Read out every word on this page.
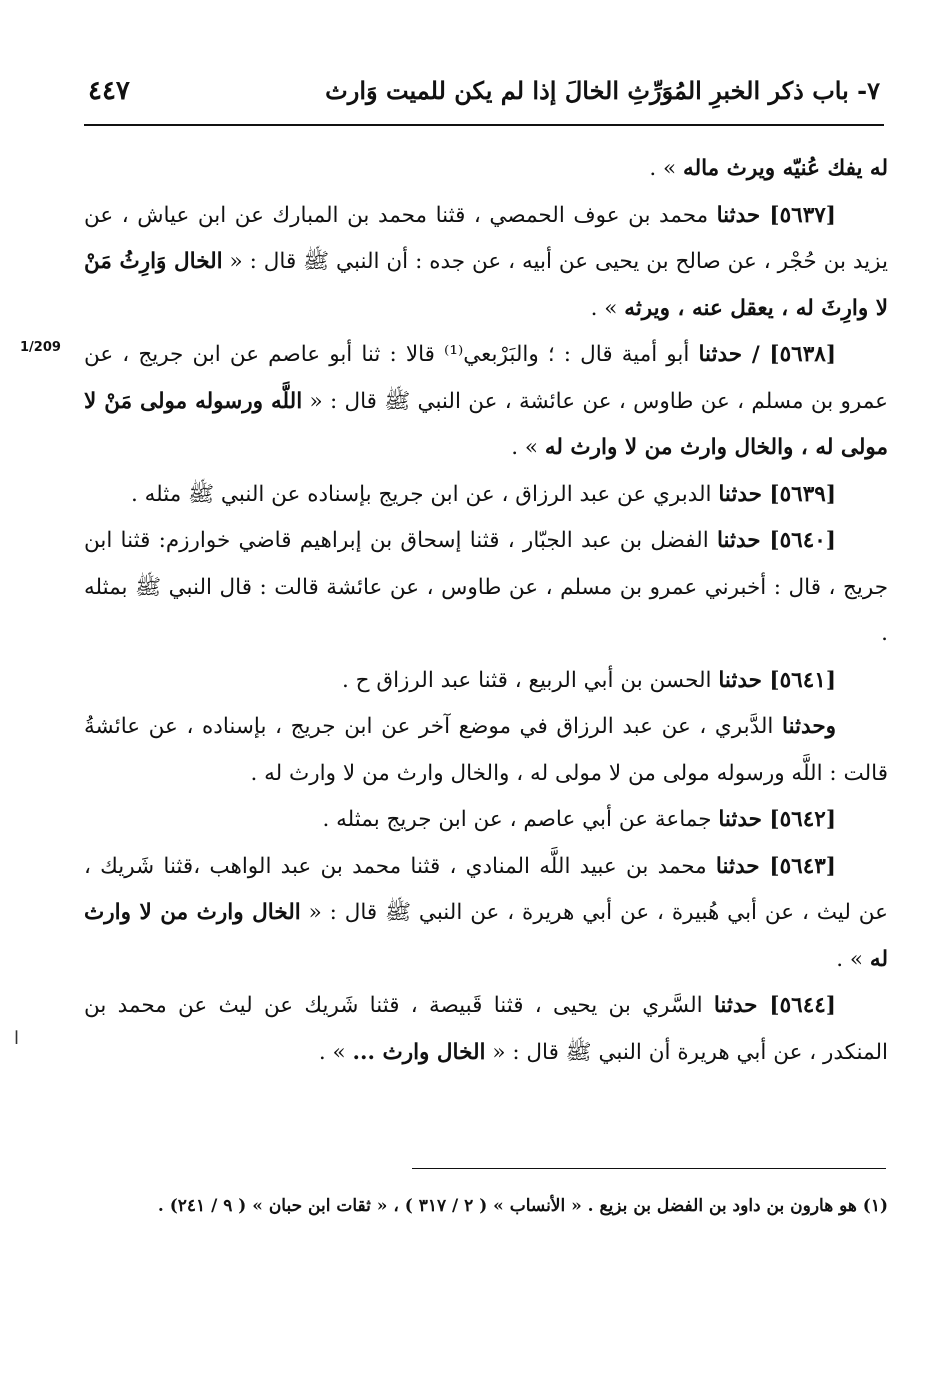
٤٤٧	٧- باب ذكر الخبرِ المُوَرِّثِ الخالَ إذا لم يكن للميت وَارث
1/209
ا

له يفك عُنيّه ويرث ماله » .

[٥٦٣٧] حدثنا محمد بن عوف الحمصي ، قثنا محمد بن المبارك عن ابن عياش ، عن يزيد بن حُجْر ، عن صالح بن يحيى عن أبيه ، عن جده : أن النبي ﷺ قال : « الخال وَارِثُ مَنْ لا وارِثَ له ، يعقل عنه ، ويرثه » .

[٥٦٣٨] / حدثنا أبو أمية قال : ؛ والبَرْبعي⁽¹⁾ قالا : ثنا أبو عاصم عن ابن جريج ، عن عمرو بن مسلم ، عن طاوس ، عن عائشة ، عن النبي ﷺ قال : « اللَّه ورسوله مولى مَنْ لا مولى له ، والخال وارث من لا وارث له » .

[٥٦٣٩] حدثنا الدبري عن عبد الرزاق ، عن ابن جريج بإسناده عن النبي ﷺ مثله .

[٥٦٤٠] حدثنا الفضل بن عبد الجبّار ، قثنا إسحاق بن إبراهيم قاضي خوارزم: قثنا ابن جريج ، قال : أخبرني عمرو بن مسلم ، عن طاوس ، عن عائشة قالت : قال النبي ﷺ بمثله .

[٥٦٤١] حدثنا الحسن بن أبي الربيع ، قثنا عبد الرزاق ح .

وحدثنا الدَّبري ، عن عبد الرزاق في موضع آخر عن ابن جريج ، بإسناده ، عن عائشةُ قالت : اللَّه ورسوله مولى من لا مولى له ، والخال وارث من لا وارث له .

[٥٦٤٢] حدثنا جماعة عن أبي عاصم ، عن ابن جريج بمثله .

[٥٦٤٣] حدثنا محمد بن عبيد اللَّه المنادي ، قثنا محمد بن عبد الواهب ،قثنا شَريك ، عن ليث ، عن أبي هُبيرة ، عن أبي هريرة ، عن النبي ﷺ قال : « الخال وارث من لا وارث له » .

[٥٦٤٤] حدثنا السَّري بن يحيى ، قثنا قَبيصة ، قثنا شَريك عن ليث عن محمد بن المنكدر ، عن أبي هريرة أن النبي ﷺ قال : « الخال وارث ... » .

(١) هو هارون بن داود بن الفضل بن بزيع . « الأنساب » ( ٢ / ٣١٧ ) ، « ثقات ابن حبان » ( ٩ / ٢٤١) .
